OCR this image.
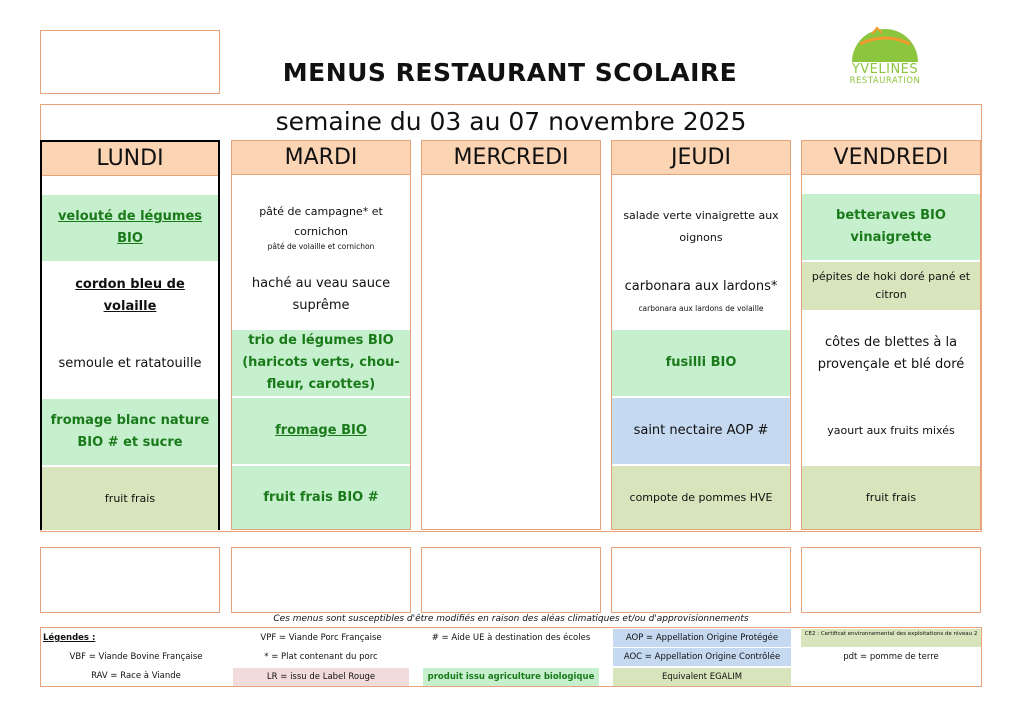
MENUS RESTAURANT SCOLAIRE	YVELINES
RESTAURATION
semaine du 03 au 07 novembre 2025
LUNDI
velouté de légumes BIO
cordon bleu de volaille
semoule et ratatouille
fromage blanc nature BIO # et sucre
fruit frais
MARDI
pâté de campagne* et cornichon
pâté de volaille et cornichon
haché au veau sauce suprême
trio de légumes BIO (haricots verts, chou-fleur, carottes)
fromage BIO
fruit frais BIO #
MERCREDI	JEUDI
salade verte vinaigrette aux oignons
carbonara aux lardons*
carbonara aux lardons de volaille
fusilli BIO
saint nectaire AOP #
compote de pommes HVE
VENDREDI
betteraves BIO vinaigrette
pépites de hoki doré pané et citron
côtes de blettes à la provençale et blé doré
yaourt aux fruits mixés
fruit frais
Ces menus sont susceptibles d'être modifiés en raison des aléas climatiques et/ou d'approvisionnements
Légendes :
VBF = Viande Bovine Française
RAV = Race à Viande
VPF = Viande Porc Française
* = Plat contenant du porc
LR = issu de Label Rouge
# = Aide UE à destination des écoles
produit issu agriculture biologique
AOP = Appellation Origine Protégée
AOC = Appellation Origine Contrôlée
Equivalent EGALIM
CE2 : Certificat environnemental des exploitations de niveau 2
pdt = pomme de terre
